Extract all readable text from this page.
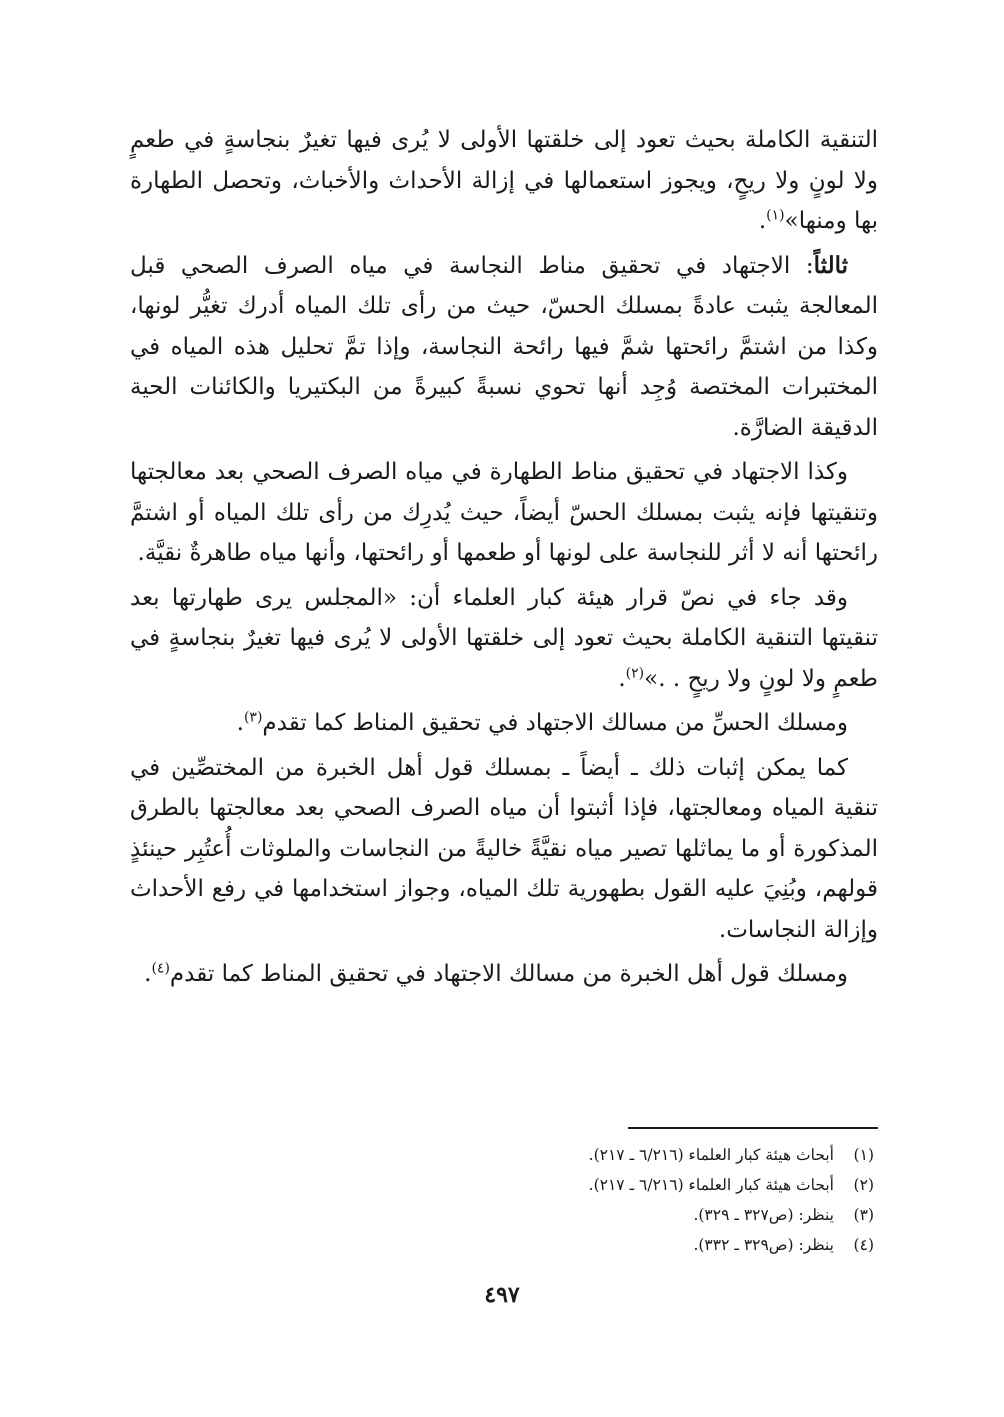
التنقية الكاملة بحيث تعود إلى خلقتها الأولى لا يُرى فيها تغيرٌ بنجاسةٍ في طعمٍ ولا لونٍ ولا ريحٍ، ويجوز استعمالها في إزالة الأحداث والأخباث، وتحصل الطهارة بها ومنها»$^{(١)}$.

ثالثاً: الاجتهاد في تحقيق مناط النجاسة في مياه الصرف الصحي قبل المعالجة يثبت عادةً بمسلك الحسّ، حيث من رأى تلك المياه أدرك تغيُّر لونها، وكذا من اشتمَّ رائحتها شمَّ فيها رائحة النجاسة، وإذا تمَّ تحليل هذه المياه في المختبرات المختصة وُجِد أنها تحوي نسبةً كبيرةً من البكتيريا والكائنات الحية الدقيقة الضارَّة.

وكذا الاجتهاد في تحقيق مناط الطهارة في مياه الصرف الصحي بعد معالجتها وتنقيتها فإنه يثبت بمسلك الحسّ أيضاً، حيث يُدرِك من رأى تلك المياه أو اشتمَّ رائحتها أنه لا أثر للنجاسة على لونها أو طعمها أو رائحتها، وأنها مياه طاهرةٌ نقيَّة.

وقد جاء في نصّ قرار هيئة كبار العلماء أن: «المجلس يرى طهارتها بعد تنقيتها التنقية الكاملة بحيث تعود إلى خلقتها الأولى لا يُرى فيها تغيرٌ بنجاسةٍ في طعمٍ ولا لونٍ ولا ريحٍ . .»$^{(٢)}$.

ومسلك الحسِّ من مسالك الاجتهاد في تحقيق المناط كما تقدم$^{(٣)}$.

كما يمكن إثبات ذلك ـ أيضاً ـ بمسلك قول أهل الخبرة من المختصِّين في تنقية المياه ومعالجتها، فإذا أثبتوا أن مياه الصرف الصحي بعد معالجتها بالطرق المذكورة أو ما يماثلها تصير مياه نقيَّةً خاليةً من النجاسات والملوثات أُعتُبِر حينئذٍ قولهم، وبُنِيَ عليه القول بطهورية تلك المياه، وجواز استخدامها في رفع الأحداث وإزالة النجاسات.

ومسلك قول أهل الخبرة من مسالك الاجتهاد في تحقيق المناط كما تقدم$^{(٤)}$.

(١)
أبحاث هيئة كبار العلماء (٦/٢١٦ ـ ٢١٧).
(٢)
أبحاث هيئة كبار العلماء (٦/٢١٦ ـ ٢١٧).
(٣)
ينظر: (ص٣٢٧ ـ ٣٢٩).
(٤)
ينظر: (ص٣٢٩ ـ ٣٣٢).
٤٩٧
